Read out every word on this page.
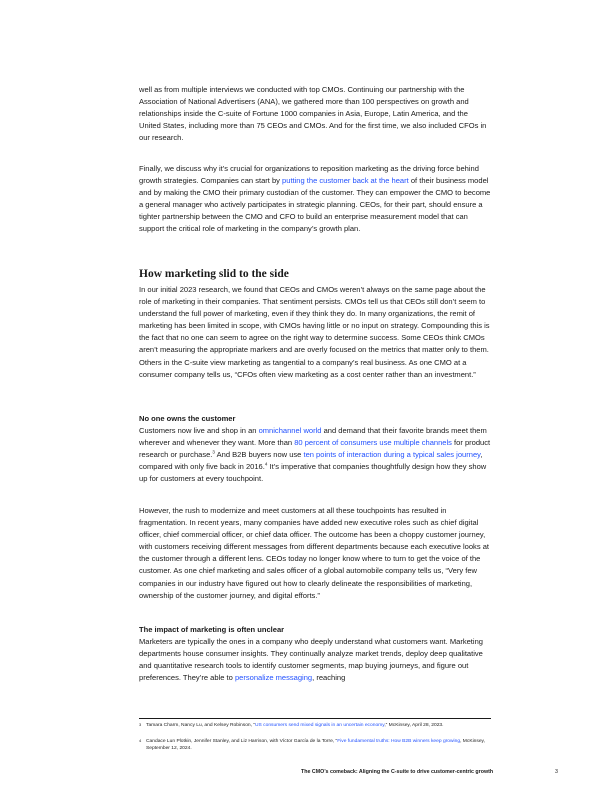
well as from multiple interviews we conducted with top CMOs. Continuing our partnership with the Association of National Advertisers (ANA), we gathered more than 100 perspectives on growth and relationships inside the C-suite of Fortune 1000 companies in Asia, Europe, Latin America, and the United States, including more than 75 CEOs and CMOs. And for the first time, we also included CFOs in our research.

Finally, we discuss why it’s crucial for organizations to reposition marketing as the driving force behind growth strategies. Companies can start by putting the customer back at the heart of their business model and by making the CMO their primary custodian of the customer. They can empower the CMO to become a general manager who actively participates in strategic planning. CEOs, for their part, should ensure a tighter partnership between the CMO and CFO to build an enterprise measurement model that can support the critical role of marketing in the company’s growth plan.

How marketing slid to the side

In our initial 2023 research, we found that CEOs and CMOs weren’t always on the same page about the role of marketing in their companies. That sentiment persists. CMOs tell us that CEOs still don’t seem to understand the full power of marketing, even if they think they do. In many organizations, the remit of marketing has been limited in scope, with CMOs having little or no input on strategy. Compounding this is the fact that no one can seem to agree on the right way to determine success. Some CEOs think CMOs aren’t measuring the appropriate markers and are overly focused on the metrics that matter only to them. Others in the C-suite view marketing as tangential to a company’s real business. As one CMO at a consumer company tells us, “CFOs often view marketing as a cost center rather than an investment.”

No one owns the customer
Customers now live and shop in an omnichannel world and demand that their favorite brands meet them wherever and whenever they want. More than 80 percent of consumers use multiple channels for product research or purchase.$^3$ And B2B buyers now use ten points of interaction during a typical sales journey, compared with only five back in 2016.$^4$ It’s imperative that companies thoughtfully design how they show up for customers at every touchpoint.

However, the rush to modernize and meet customers at all these touchpoints has resulted in fragmentation. In recent years, many companies have added new executive roles such as chief digital officer, chief commercial officer, or chief data officer. The outcome has been a choppy customer journey, with customers receiving different messages from different departments because each executive looks at the customer through a different lens. CEOs today no longer know where to turn to get the voice of the customer. As one chief marketing and sales officer of a global automobile company tells us, “Very few companies in our industry have figured out how to clearly delineate the responsibilities of marketing, ownership of the customer journey, and digital efforts.”

The impact of marketing is often unclear
Marketers are typically the ones in a company who deeply understand what customers want. Marketing departments house consumer insights. They continually analyze market trends, deploy deep qualitative and quantitative research tools to identify customer segments, map buying journeys, and figure out preferences. They’re able to personalize messaging, reaching

3 Tamara Charm, Nancy Lu, and Kelsey Robinson, “US consumers send mixed signals in an uncertain economy,” McKinsey, April 28, 2023.
4 Candace Lun Plotkin, Jennifer Stanley, and Liz Harrison, with Víctor García de la Torre, “Five fundamental truths: How B2B winners keep growing, McKinsey, September 12, 2024.
The CMO’s comeback: Aligning the C-suite to drive customer-centric growth	3
